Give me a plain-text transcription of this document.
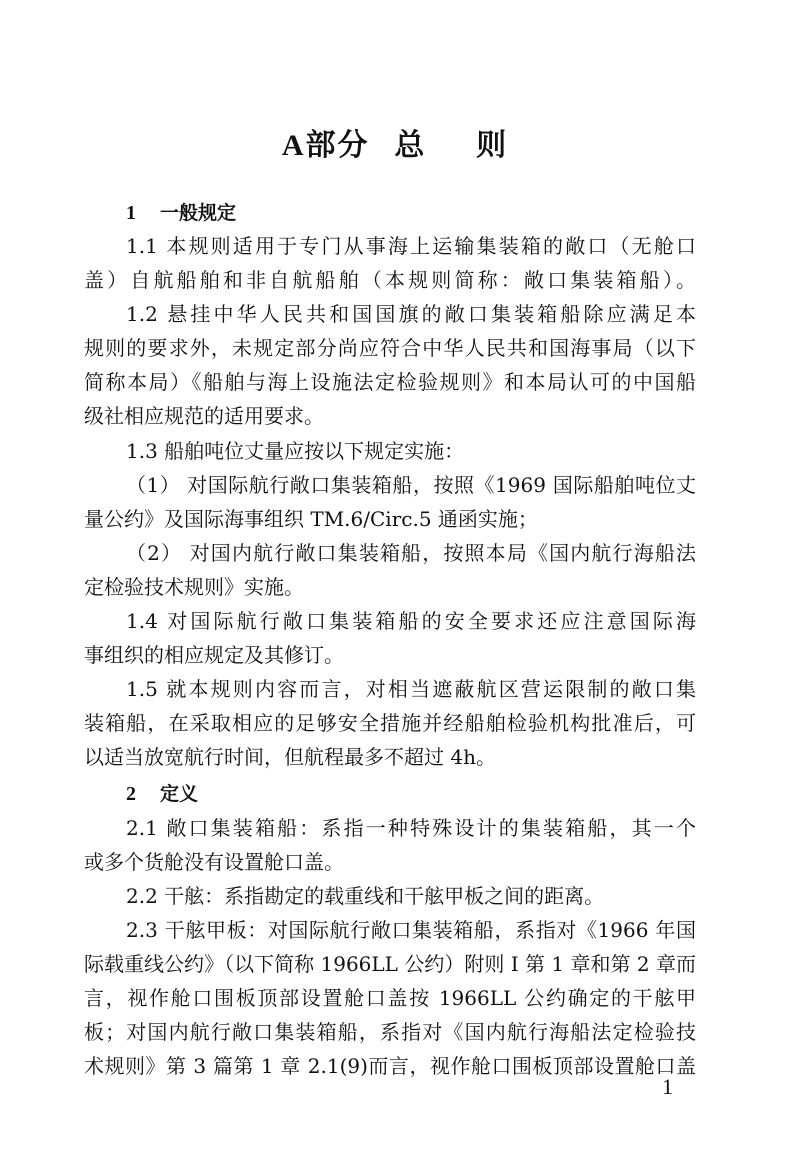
A部分  总    则
1 一般规定

1.1 本规则适用于专门从事海上运输集装箱的敞口（无舱口

盖）自航船舶和非自航船舶（本规则简称：敞口集装箱船）。

1.2 悬挂中华人民共和国国旗的敞口集装箱船除应满足本

规则的要求外，未规定部分尚应符合中华人民共和国海事局（以下

简称本局）《船舶与海上设施法定检验规则》和本局认可的中国船

级社相应规范的适用要求。

1.3 船舶吨位丈量应按以下规定实施：

（1） 对国际航行敞口集装箱船，按照《1969 国际船舶吨位丈

量公约》及国际海事组织 TM.6/Circ.5 通函实施；

（2） 对国内航行敞口集装箱船，按照本局《国内航行海船法

定检验技术规则》实施。

1.4 对国际航行敞口集装箱船的安全要求还应注意国际海

事组织的相应规定及其修订。

1.5 就本规则内容而言，对相当遮蔽航区营运限制的敞口集

装箱船，在采取相应的足够安全措施并经船舶检验机构批准后，可

以适当放宽航行时间，但航程最多不超过 4h。

2 定义

2.1 敞口集装箱船：系指一种特殊设计的集装箱船，其一个

或多个货舱没有设置舱口盖。

2.2 干舷：系指勘定的载重线和干舷甲板之间的距离。

2.3 干舷甲板：对国际航行敞口集装箱船，系指对《1966 年国

际载重线公约》（以下简称 1966LL 公约）附则 Ⅰ 第 1 章和第 2 章而

言，视作舱口围板顶部设置舱口盖按 1966LL 公约确定的干舷甲

板；对国内航行敞口集装箱船，系指对《国内航行海船法定检验技

术规则》第 3 篇第 1 章 2.1(9)而言，视作舱口围板顶部设置舱口盖

1
